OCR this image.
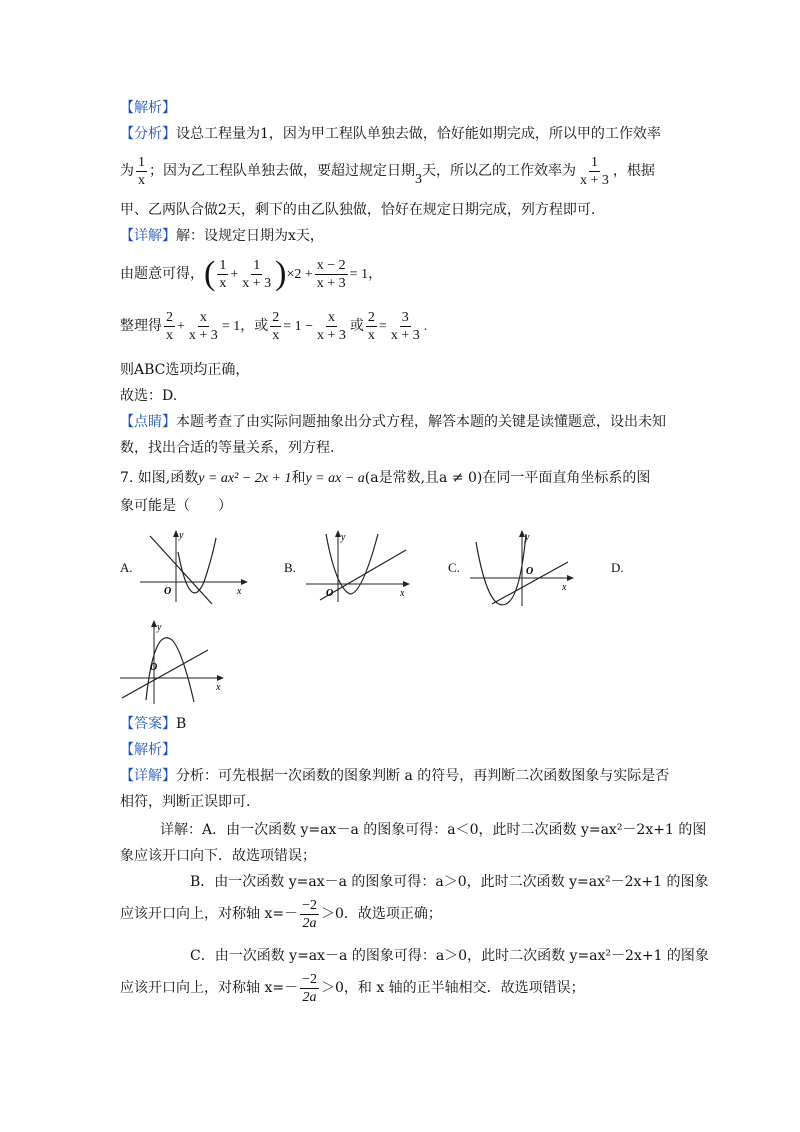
【解析】
【分析】设总工程量为1，因为甲工程队单独去做，恰好能如期完成，所以甲的工作效率
为 $\frac{1}{x}$ ；因为乙工程队单独去做，要超过规定日期3天，所以乙的工作效率为 $\frac{1}{x + 3}$ ，根据
甲、乙两队合做2天，剩下的由乙队独做，恰好在规定日期完成，列方程即可.
【详解】解：设规定日期为x天，
由题意可得，( $\frac{1}{x} + \frac{1}{x + 3} )\times 2 + \frac{x - 2}{x + 3} = 1$，
整理得 $\frac{2}{x} + \frac{x}{x + 3} = 1$，或 $\frac{2}{x} = 1 - \frac{x}{x + 3}$ 或 $\frac{2}{x} = \frac{3}{x + 3}$ .
则ABC选项均正确，
故选：D.
【点睛】本题考查了由实际问题抽象出分式方程，解答本题的关键是读懂题意，设出未知
数，找出合适的等量关系，列方程.
7. 如图,函数y = ax² − 2x + 1和y = ax − a(a是常数,且a ≠ 0)在同一平面直角坐标系的图
象可能是（　　）
A.	B.	C.	D.
y
x
O
y
x
O
y
x
O
y
x
O
【答案】B
【解析】
【详解】分析：可先根据一次函数的图象判断 a 的符号，再判断二次函数图象与实际是否
相符，判断正误即可.
详解：A．由一次函数 y=ax－a 的图象可得：a＜0，此时二次函数 y=ax²－2x+1 的图
象应该开口向下．故选项错误；
B．由一次函数 y=ax－a 的图象可得：a＞0，此时二次函数 y=ax²－2x+1 的图象
应该开口向上，对称轴 $x=- \frac{-2}{2a} >0$．故选项正确；
C．由一次函数 y=ax－a 的图象可得：a＞0，此时二次函数 y=ax²－2x+1 的图象
应该开口向上，对称轴 $x=- \frac{-2}{2a} >0$，和 x 轴的正半轴相交．故选项错误；
